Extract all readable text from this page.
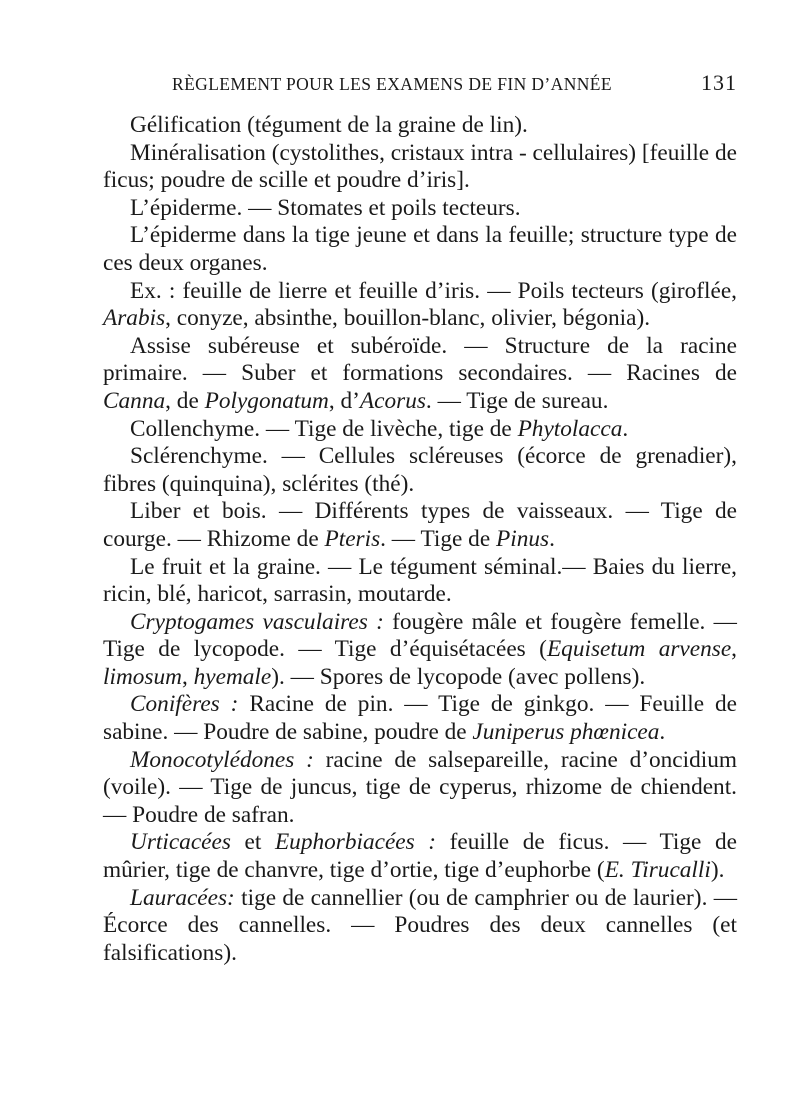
RÈGLEMENT POUR LES EXAMENS DE FIN D’ANNÉE	131

Gélification (tégument de la graine de lin).

Minéralisation (cystolithes, cristaux intra - cellulaires) [feuille de ficus; poudre de scille et poudre d’iris].

L’épiderme. — Stomates et poils tecteurs.

L’épiderme dans la tige jeune et dans la feuille; structure type de ces deux organes.

Ex. : feuille de lierre et feuille d’iris. — Poils tecteurs (giroflée, Arabis, conyze, absinthe, bouillon-blanc, olivier, bégonia).

Assise subéreuse et subéroïde. — Structure de la racine primaire. — Suber et formations secondaires. — Racines de Canna, de Polygonatum, d’Acorus. — Tige de sureau.

Collenchyme. — Tige de livèche, tige de Phytolacca.

Sclérenchyme. — Cellules scléreuses (écorce de grenadier), fibres (quinquina), sclérites (thé).

Liber et bois. — Différents types de vaisseaux. — Tige de courge. — Rhizome de Pteris. — Tige de Pinus.

Le fruit et la graine. — Le tégument séminal.— Baies du lierre, ricin, blé, haricot, sarrasin, moutarde.

Cryptogames vasculaires : fougère mâle et fougère femelle. — Tige de lycopode. — Tige d’équisétacées (Equisetum arvense, limosum, hyemale). — Spores de lycopode (avec pollens).

Conifères : Racine de pin. — Tige de ginkgo. — Feuille de sabine. — Poudre de sabine, poudre de Juniperus phœnicea.

Monocotylédones : racine de salsepareille, racine d’oncidium (voile). — Tige de juncus, tige de cyperus, rhizome de chiendent. — Poudre de safran.

Urticacées et Euphorbiacées : feuille de ficus. — Tige de mûrier, tige de chanvre, tige d’ortie, tige d’euphorbe (E. Tirucalli).

Lauracées: tige de cannellier (ou de camphrier ou de laurier). — Écorce des cannelles. — Poudres des deux cannelles (et falsifications).
